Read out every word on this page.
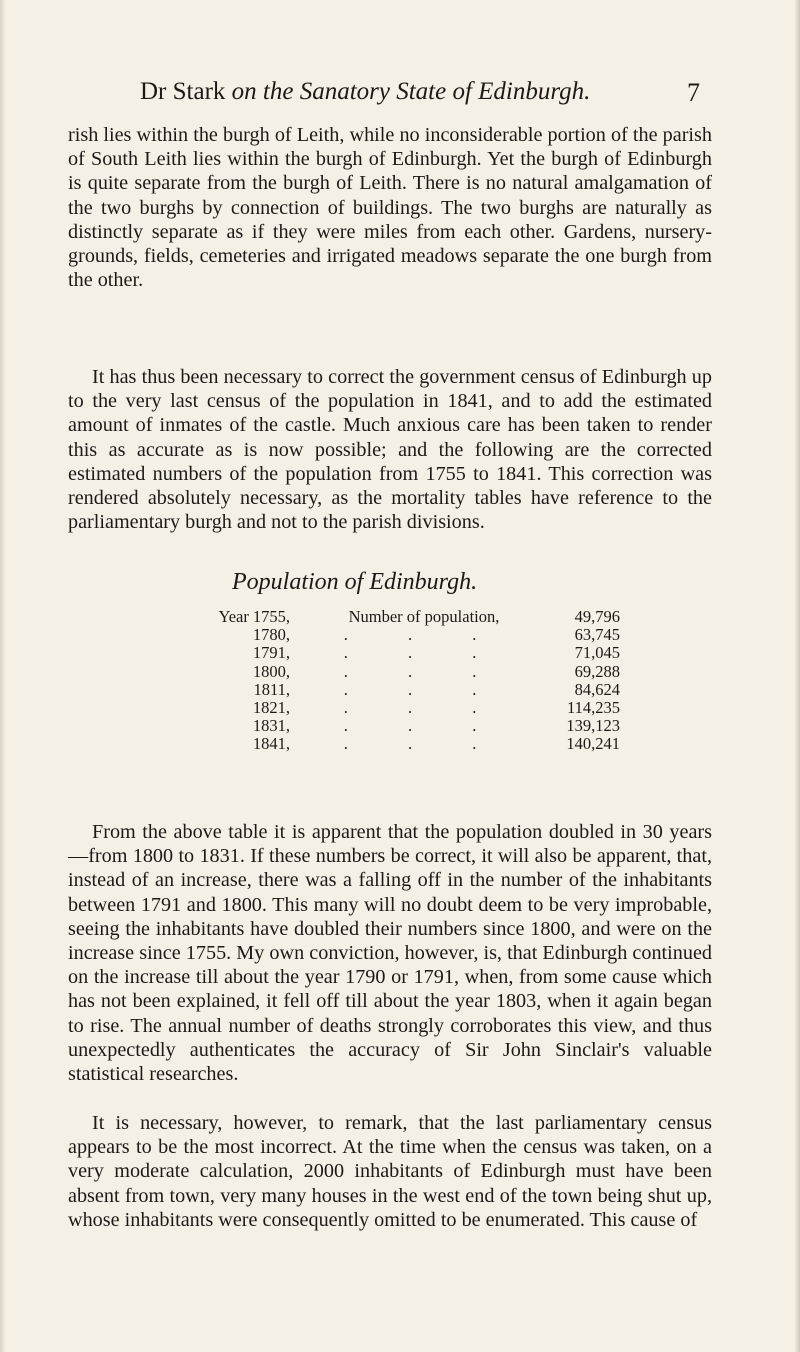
Dr Stark on the Sanatory State of Edinburgh.	7

rish lies within the burgh of Leith, while no inconsiderable portion of the parish of South Leith lies within the burgh of Edinburgh. Yet the burgh of Edinburgh is quite separate from the burgh of Leith. There is no natural amalgamation of the two burghs by connection of buildings. The two burghs are naturally as distinctly separate as if they were miles from each other. Gardens, nursery-grounds, fields, cemeteries and irrigated meadows separate the one burgh from the other.

It has thus been necessary to correct the government census of Edinburgh up to the very last census of the population in 1841, and to add the estimated amount of inmates of the castle. Much anxious care has been taken to render this as accurate as is now possible; and the following are the corrected estimated numbers of the population from 1755 to 1841. This correction was rendered absolutely necessary, as the mortality tables have reference to the parliamentary burgh and not to the parish divisions.

Population of Edinburgh.
Year 1755,	Number of population,	49,796
1780,	. . .	63,745
1791,	. . .	71,045
1800,	. . .	69,288
1811,	. . .	84,624
1821,	. . .	114,235
1831,	. . .	139,123
1841,	. . .	140,241

From the above table it is apparent that the population doubled in 30 years—from 1800 to 1831. If these numbers be correct, it will also be apparent, that, instead of an increase, there was a falling off in the number of the inhabitants between 1791 and 1800. This many will no doubt deem to be very improbable, seeing the inhabitants have doubled their numbers since 1800, and were on the increase since 1755. My own conviction, however, is, that Edinburgh continued on the increase till about the year 1790 or 1791, when, from some cause which has not been explained, it fell off till about the year 1803, when it again began to rise. The annual number of deaths strongly corroborates this view, and thus unexpectedly authenticates the accuracy of Sir John Sinclair's valuable statistical researches.

It is necessary, however, to remark, that the last parliamentary census appears to be the most incorrect. At the time when the census was taken, on a very moderate calculation, 2000 inhabitants of Edinburgh must have been absent from town, very many houses in the west end of the town being shut up, whose inhabitants were consequently omitted to be enumerated. This cause of
